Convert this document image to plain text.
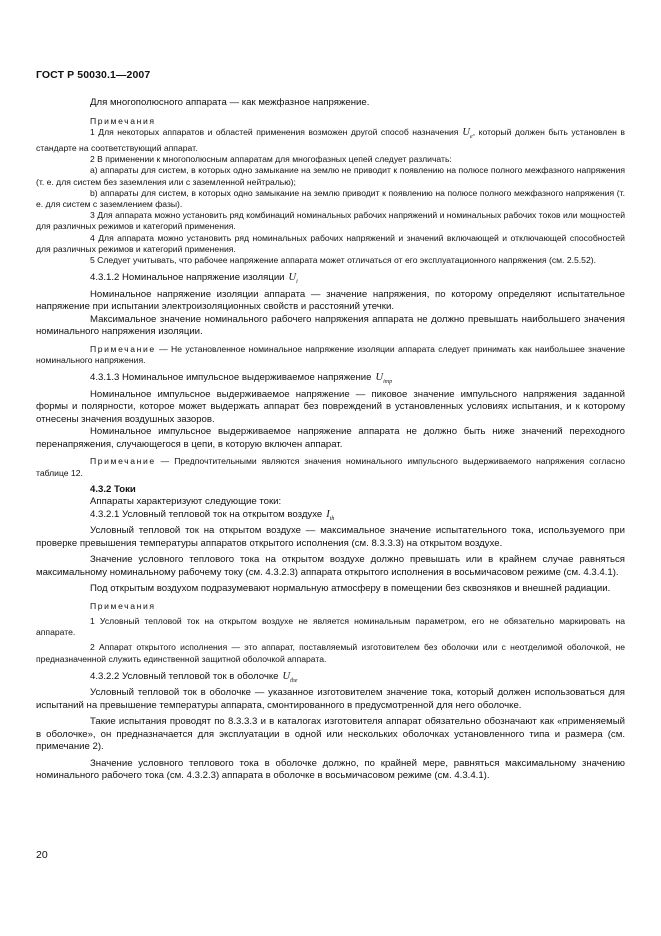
ГОСТ Р 50030.1—2007

Для многополюсного аппарата — как межфазное напряжение.

Примечания

1 Для некоторых аппаратов и областей применения возможен другой способ назначения $U_e$, который должен быть установлен в стандарте на соответствующий аппарат.

2 В применении к многополюсным аппаратам для многофазных цепей следует различать:

а) аппараты для систем, в которых одно замыкание на землю не приводит к появлению на полюсе полного межфазного напряжения (т. е. для систем без заземления или с заземленной нейтралью);

b) аппараты для систем, в которых одно замыкание на землю приводит к появлению на полюсе полного межфазного напряжения (т. е. для систем с заземлением фазы).

3 Для аппарата можно установить ряд комбинаций номинальных рабочих напряжений и номинальных рабочих токов или мощностей для различных режимов и категорий применения.

4 Для аппарата можно установить ряд номинальных рабочих напряжений и значений включающей и отключающей способностей для различных режимов и категорий применения.

5 Следует учитывать, что рабочее напряжение аппарата может отличаться от его эксплуатационного напряжения (см. 2.5.52).

4.3.1.2 Номинальное напряжение изоляции $U_i$

Номинальное напряжение изоляции аппарата — значение напряжения, по которому определяют испытательное напряжение при испытании электроизоляционных свойств и расстояний утечки.

Максимальное значение номинального рабочего напряжения аппарата не должно превышать наибольшего значения номинального напряжения изоляции.

Примечание — Не установленное номинальное напряжение изоляции аппарата следует принимать как наибольшее значение номинального напряжения.

4.3.1.3 Номинальное импульсное выдерживаемое напряжение $U_{imp}$

Номинальное импульсное выдерживаемое напряжение — пиковое значение импульсного напряжения заданной формы и полярности, которое может выдержать аппарат без повреждений в установленных условиях испытания, и к которому отнесены значения воздушных зазоров.

Номинальное импульсное выдерживаемое напряжение аппарата не должно быть ниже значений переходного перенапряжения, случающегося в цепи, в которую включен аппарат.

Примечание — Предпочтительными являются значения номинального импульсного выдерживаемого напряжения согласно таблице 12.

4.3.2 Токи

Аппараты характеризуют следующие токи:

4.3.2.1 Условный тепловой ток на открытом воздухе $I_{th}$

Условный тепловой ток на открытом воздухе — максимальное значение испытательного тока, используемого при проверке превышения температуры аппаратов открытого исполнения (см. 8.3.3.3) на открытом воздухе.

Значение условного теплового тока на открытом воздухе должно превышать или в крайнем случае равняться максимальному номинальному рабочему току (см. 4.3.2.3) аппарата открытого исполнения в восьмичасовом режиме (см. 4.3.4.1).

Под открытым воздухом подразумевают нормальную атмосферу в помещении без сквозняков и внешней радиации.

Примечания

1 Условный тепловой ток на открытом воздухе не является номинальным параметром, его не обязательно маркировать на аппарате.

2 Аппарат открытого исполнения — это аппарат, поставляемый изготовителем без оболочки или с неотделимой оболочкой, не предназначенной служить единственной защитной оболочкой аппарата.

4.3.2.2 Условный тепловой ток в оболочке $U_{the}$

Условный тепловой ток в оболочке — указанное изготовителем значение тока, который должен использоваться для испытаний на превышение температуры аппарата, смонтированного в предусмотренной для него оболочке.

Такие испытания проводят по 8.3.3.3 и в каталогах изготовителя аппарат обязательно обозначают как «применяемый в оболочке», он предназначается для эксплуатации в одной или нескольких оболочках установленного типа и размера (см. примечание 2).

Значение условного теплового тока в оболочке должно, по крайней мере, равняться максимальному значению номинального рабочего тока (см. 4.3.2.3) аппарата в оболочке в восьмичасовом режиме (см. 4.3.4.1).

20
